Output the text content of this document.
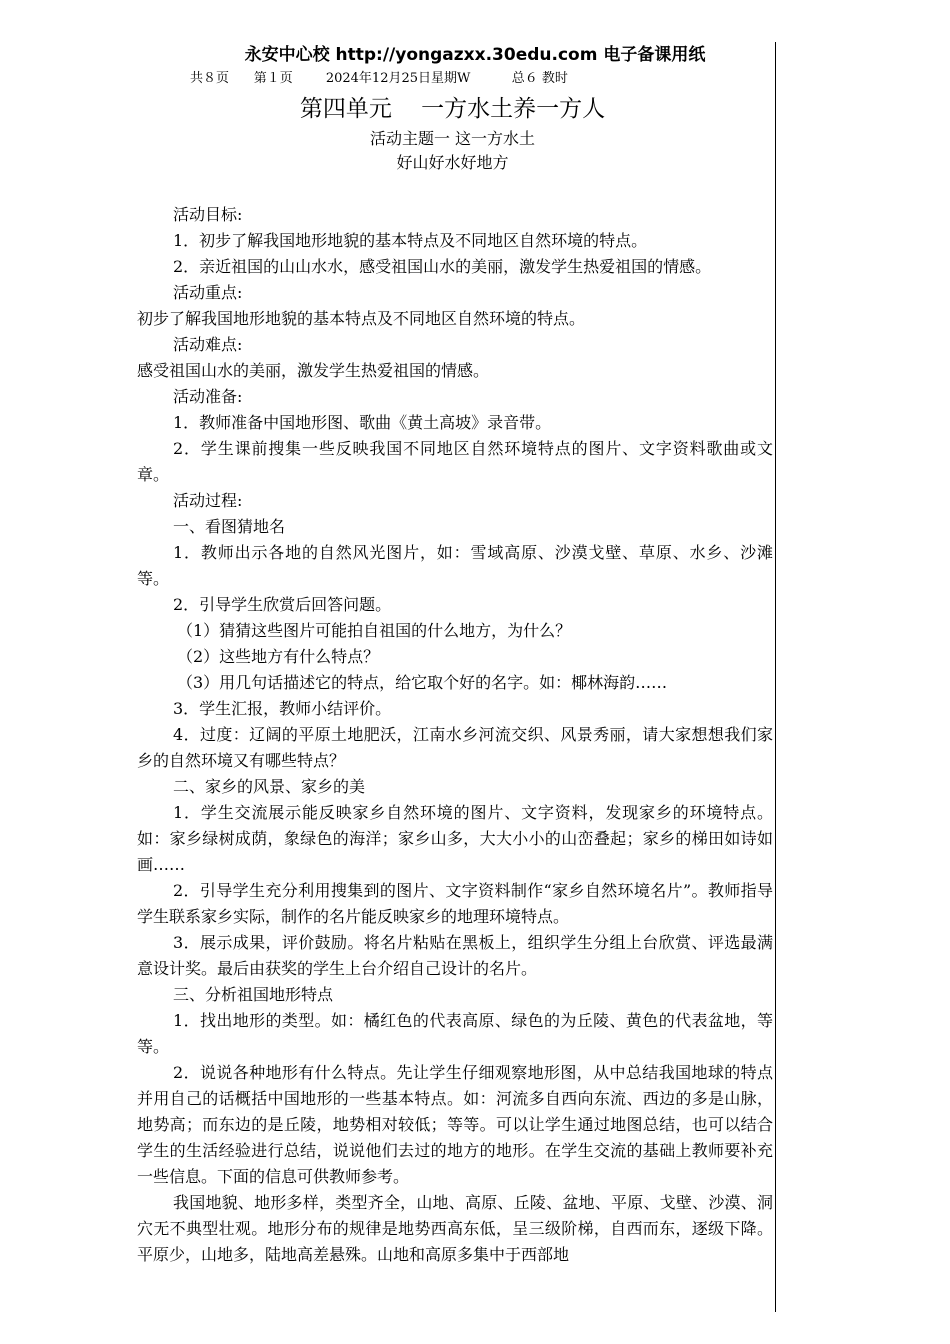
永安中心校 http://yongazxx.30edu.com 电子备课用纸
共８页      第１页        2024年12月25日星期W          总６ 教时
第四单元    一方水土养一方人
活动主题一 这一方水土
好山好水好地方

活动目标:

1．初步了解我国地形地貌的基本特点及不同地区自然环境的特点。

2．亲近祖国的山山水水，感受祖国山水的美丽，激发学生热爱祖国的情感。

活动重点:

初步了解我国地形地貌的基本特点及不同地区自然环境的特点。

活动难点:

感受祖国山水的美丽，激发学生热爱祖国的情感。

活动准备:

1．教师准备中国地形图、歌曲《黄土高坡》录音带。

2．学生课前搜集一些反映我国不同地区自然环境特点的图片、文字资料歌曲或文章。

活动过程:

一、看图猜地名

1．教师出示各地的自然风光图片，如：雪域高原、沙漠戈壁、草原、水乡、沙滩等。

2．引导学生欣赏后回答问题。

（1）猜猜这些图片可能拍自祖国的什么地方，为什么？

（2）这些地方有什么特点？

（3）用几句话描述它的特点，给它取个好的名字。如：椰林海韵……

3．学生汇报，教师小结评价。

4．过度：辽阔的平原土地肥沃，江南水乡河流交织、风景秀丽，请大家想想我们家乡的自然环境又有哪些特点？

二、家乡的风景、家乡的美

1．学生交流展示能反映家乡自然环境的图片、文字资料，发现家乡的环境特点。如：家乡绿树成荫，象绿色的海洋；家乡山多，大大小小的山峦叠起；家乡的梯田如诗如画……

2．引导学生充分利用搜集到的图片、文字资料制作“家乡自然环境名片”。教师指导学生联系家乡实际，制作的名片能反映家乡的地理环境特点。

3．展示成果，评价鼓励。将名片粘贴在黑板上，组织学生分组上台欣赏、评选最满意设计奖。最后由获奖的学生上台介绍自己设计的名片。

三、分析祖国地形特点

1．找出地形的类型。如：橘红色的代表高原、绿色的为丘陵、黄色的代表盆地，等等。

2．说说各种地形有什么特点。先让学生仔细观察地形图，从中总结我国地球的特点并用自己的话概括中国地形的一些基本特点。如：河流多自西向东流、西边的多是山脉，地势高；而东边的是丘陵，地势相对较低；等等。可以让学生通过地图总结，也可以结合学生的生活经验进行总结，说说他们去过的地方的地形。在学生交流的基础上教师要补充一些信息。下面的信息可供教师参考。

我国地貌、地形多样，类型齐全，山地、高原、丘陵、盆地、平原、戈壁、沙漠、洞穴无不典型壮观。地形分布的规律是地势西高东低，呈三级阶梯，自西而东，逐级下降。平原少，山地多，陆地高差悬殊。山地和高原多集中于西部地
